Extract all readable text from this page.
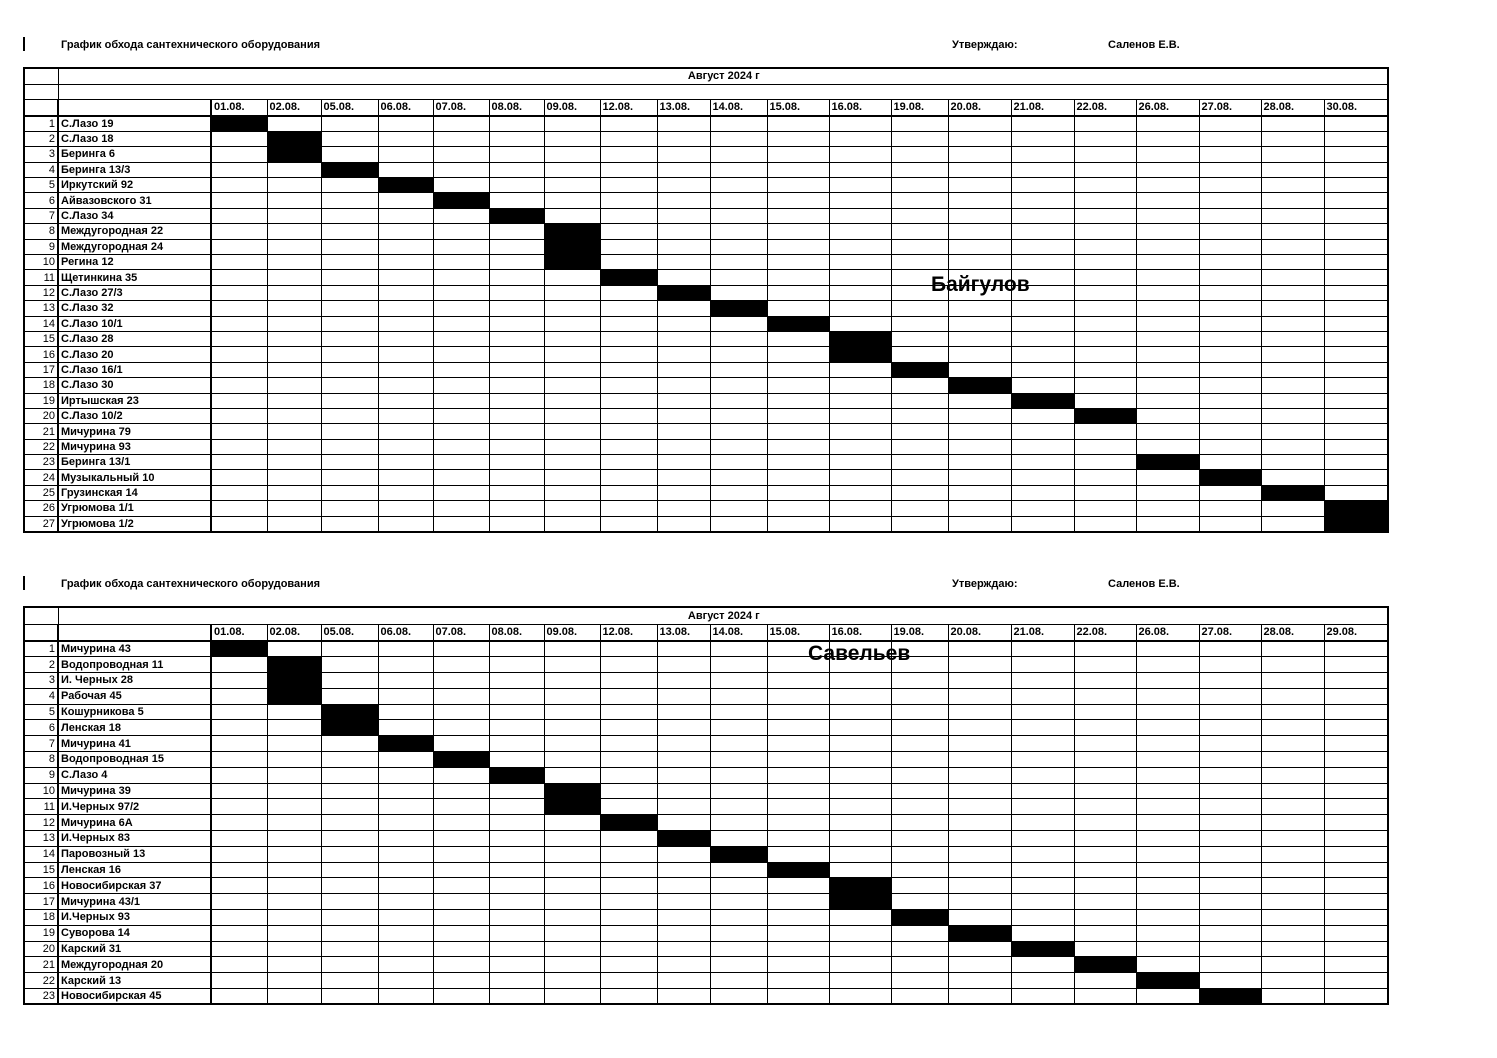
График обхода сантехнического оборудования	Утверждаю:	Саленов Е.В.
	Август 2024 г																				

		01.08.	02.08.	05.08.	06.08.	07.08.	08.08.	09.08.	12.08.	13.08.	14.08.	15.08.	16.08.	19.08.	20.08.	21.08.	22.08.	26.08.	27.08.	28.08.	30.08.
1	С.Лазо 19																				
2	С.Лазо 18																				
3	Беринга 6																				
4	Беринга 13/3																				
5	Иркутский 92																				
6	Айвазовского 31																				
7	С.Лазо 34																				
8	Междугородная 22																				
9	Междугородная 24																				
10	Регина 12																				
11	Щетинкина 35																				
12	С.Лазо 27/3																				
13	С.Лазо 32																				
14	С.Лазо 10/1																				
15	С.Лазо 28																				
16	С.Лазо 20																				
17	С.Лазо 16/1																				
18	С.Лазо 30																				
19	Иртышская 23																				
20	С.Лазо 10/2																				
21	Мичурина 79																				
22	Мичурина 93																				
23	Беринга 13/1																				
24	Музыкальный 10																				
25	Грузинская 14																				
26	Угрюмова 1/1																				
27	Угрюмова 1/2																				
Байгулов
График обхода сантехнического оборудования	Утверждаю:	Саленов Е.В.
	Август 2024 г																				
		01.08.	02.08.	05.08.	06.08.	07.08.	08.08.	09.08.	12.08.	13.08.	14.08.	15.08.	16.08.	19.08.	20.08.	21.08.	22.08.	26.08.	27.08.	28.08.	29.08.
1	Мичурина 43																				
2	Водопроводная 11																				
3	И. Черных 28																				
4	Рабочая 45																				
5	Кошурникова 5																				
6	Ленская 18																				
7	Мичурина 41																				
8	Водопроводная 15																				
9	С.Лазо 4																				
10	Мичурина 39																				
11	И.Черных 97/2																				
12	Мичурина 6А																				
13	И.Черных 83																				
14	Паровозный 13																				
15	Ленская 16																				
16	Новосибирская 37																				
17	Мичурина 43/1																				
18	И.Черных 93																				
19	Суворова 14																				
20	Карский 31																				
21	Междугородная 20																				
22	Карский 13																				
23	Новосибирская 45																				
Савельев
